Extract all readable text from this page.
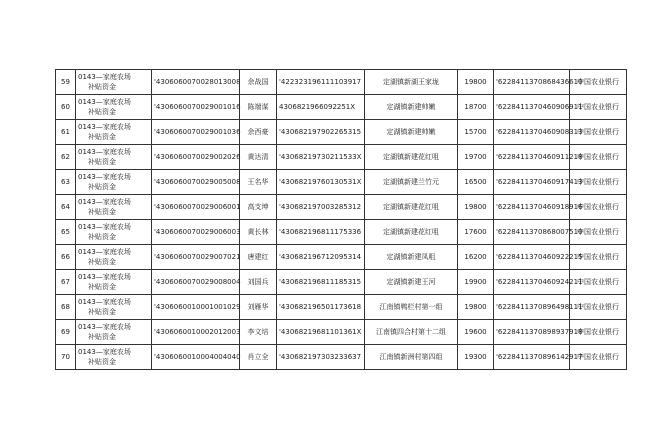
59	0143—家庭农场
补贴资金	'4306060070028013008	余战国	'422323196111103917	定湖镇新湖王家垅	19800	'6228411370868436610	中国农业银行
60	0143—家庭农场
补贴资金	'4306060070029001016	陈端谋	430682196609225​1X	定湖镇新建帅嫩	18700	'6228411370460906911	中国农业银行
61	0143—家庭农场
补贴资金	'4306060070029001036	余西豪	'430682197902265315	定湖镇新建帅嫩	15700	'6228411370460908313	中国农业银行
62	0143—家庭农场
补贴资金	'4306060070029002026	黄达清	'43068219730211533X	定湖镇新建花红咀	19700	'6228411370460911218	中国农业银行
63	0143—家庭农场
补贴资金	'4306060070029005008	王名华	'43068219760130531X	定湖镇新建兰竹元	16500	'6228411370460917413	中国农业银行
64	0143—家庭农场
补贴资金	'4306060070029006001	高支坤	'430682197003285312	定湖镇新建花红咀	19800	'6228411370460918916	中国农业银行
65	0143—家庭农场
补贴资金	'4306060070029006003	黄长林	'430682196811175336	定湖镇新建花红咀	17600	'6228411370868007510	中国农业银行
66	0143—家庭农场
补贴资金	'4306060070029007021	唐建红	'430682196712095314	定湖镇新建凤咀	16200	'6228411370460922215	中国农业银行
67	0143—家庭农场
补贴资金	'4306060070029008004	刘国兵	'430682196811185315	定湖镇新建王河	19900	'6228411370460924211	中国农业银行
68	0143—家庭农场
补贴资金	'4306060010001001029	刘雁华	'430682196501173618	江南镇鸭栏村第一组	19800	'6228411370896498111	中国农业银行
69	0143—家庭农场
补贴资金	'4306060010002012003	李文培	'43068219681101361X	江南镇四合村第十二组	19600	'6228411370898937918	中国农业银行
70	0143—家庭农场
补贴资金	'4306060010004004040	肖立全	'430682197303233637	江南镇新洲村第四组	19300	'6228411370896142917	中国农业银行
